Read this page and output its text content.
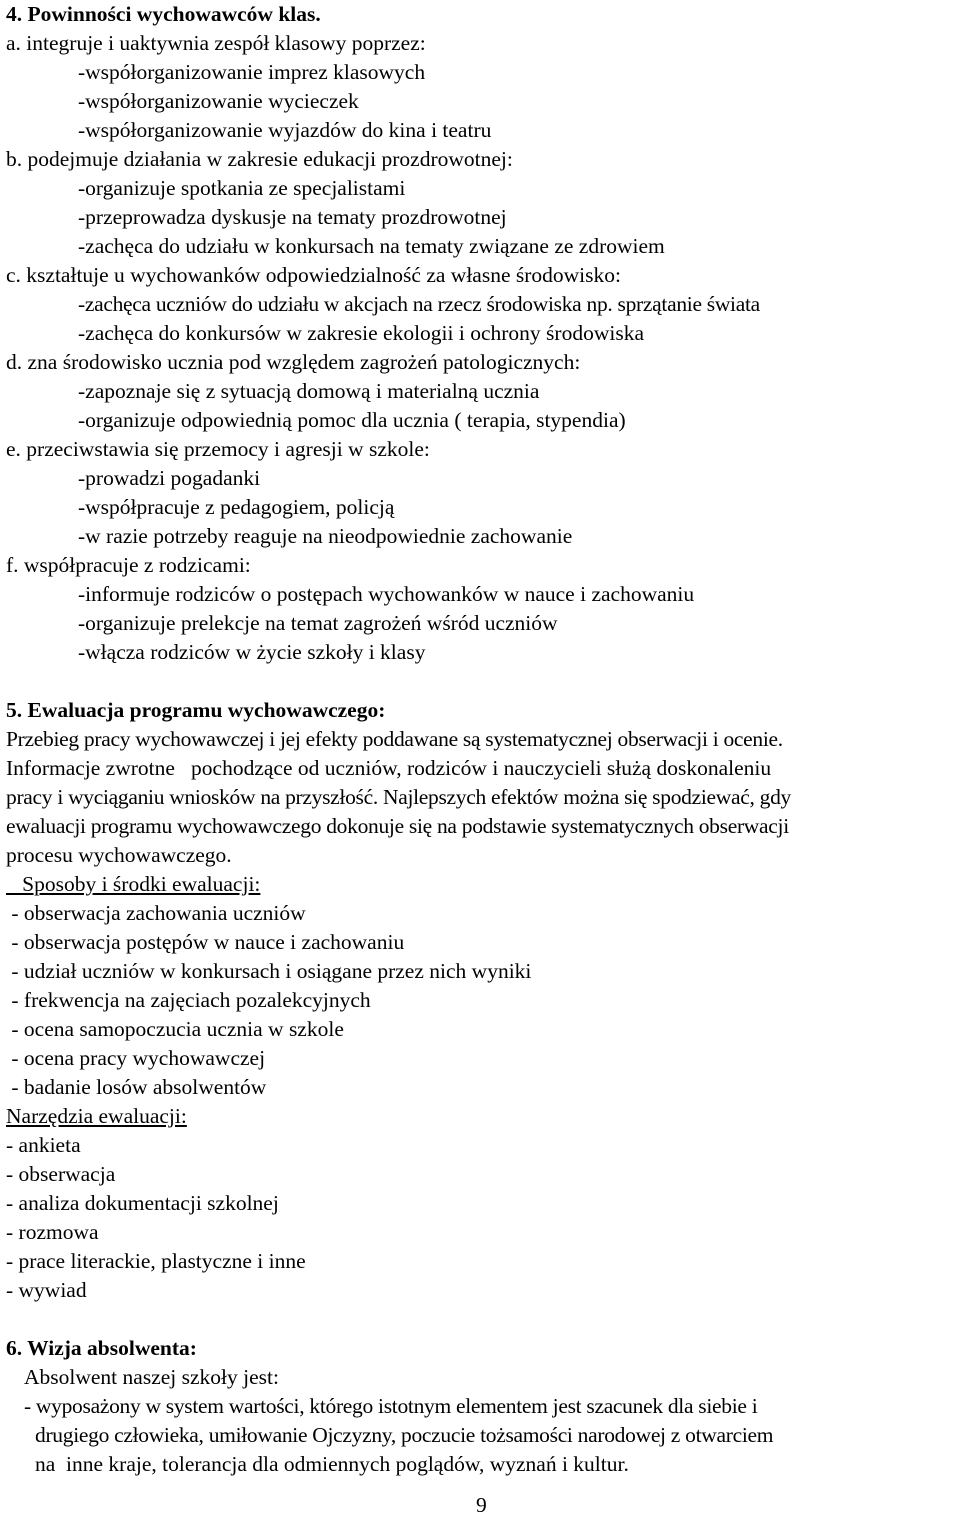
4. Powinności wychowawców klas.
a. integruje i uaktywnia zespół klasowy poprzez:
-współorganizowanie imprez klasowych
-współorganizowanie wycieczek
-współorganizowanie wyjazdów do kina i teatru
b. podejmuje działania w zakresie edukacji prozdrowotnej:
-organizuje spotkania ze specjalistami
-przeprowadza dyskusje na tematy prozdrowotnej
-zachęca do udziału w konkursach na tematy związane ze zdrowiem
c. kształtuje u wychowanków odpowiedzialność za własne środowisko:
-zachęca uczniów do udziału w akcjach na rzecz środowiska np. sprzątanie świata
-zachęca do konkursów w zakresie ekologii i ochrony środowiska
d. zna środowisko ucznia pod względem zagrożeń patologicznych:
-zapoznaje się z sytuacją domową i materialną ucznia
-organizuje odpowiednią pomoc dla ucznia ( terapia, stypendia)
e. przeciwstawia się przemocy i agresji w szkole:
-prowadzi pogadanki
-współpracuje z pedagogiem, policją
-w razie potrzeby reaguje na nieodpowiednie zachowanie
f. współpracuje z rodzicami:
-informuje rodziców o postępach wychowanków w nauce i zachowaniu
-organizuje prelekcje na temat zagrożeń wśród uczniów
-włącza rodziców w życie szkoły i klasy
5. Ewaluacja programu wychowawczego:
Przebieg pracy wychowawczej i jej efekty poddawane są systematycznej obserwacji i ocenie.
Informacje zwrotne   pochodzące od uczniów, rodziców i nauczycieli służą doskonaleniu
pracy i wyciąganiu wniosków na przyszłość. Najlepszych efektów można się spodziewać, gdy
ewaluacji programu wychowawczego dokonuje się na podstawie systematycznych obserwacji
procesu wychowawczego.
Sposoby i środki ewaluacji:
- obserwacja zachowania uczniów
- obserwacja postępów w nauce i zachowaniu
- udział uczniów w konkursach i osiągane przez nich wyniki
- frekwencja na zajęciach pozalekcyjnych
- ocena samopoczucia ucznia w szkole
- ocena pracy wychowawczej
- badanie losów absolwentów
Narzędzia ewaluacji:
- ankieta
- obserwacja
- analiza dokumentacji szkolnej
- rozmowa
- prace literackie, plastyczne i inne
- wywiad
6. Wizja absolwenta:
Absolwent naszej szkoły jest:
- wyposażony w system wartości, którego istotnym elementem jest szacunek dla siebie i
drugiego człowieka, umiłowanie Ojczyzny, poczucie tożsamości narodowej z otwarciem
na  inne kraje, tolerancja dla odmiennych poglądów, wyznań i kultur.
9
